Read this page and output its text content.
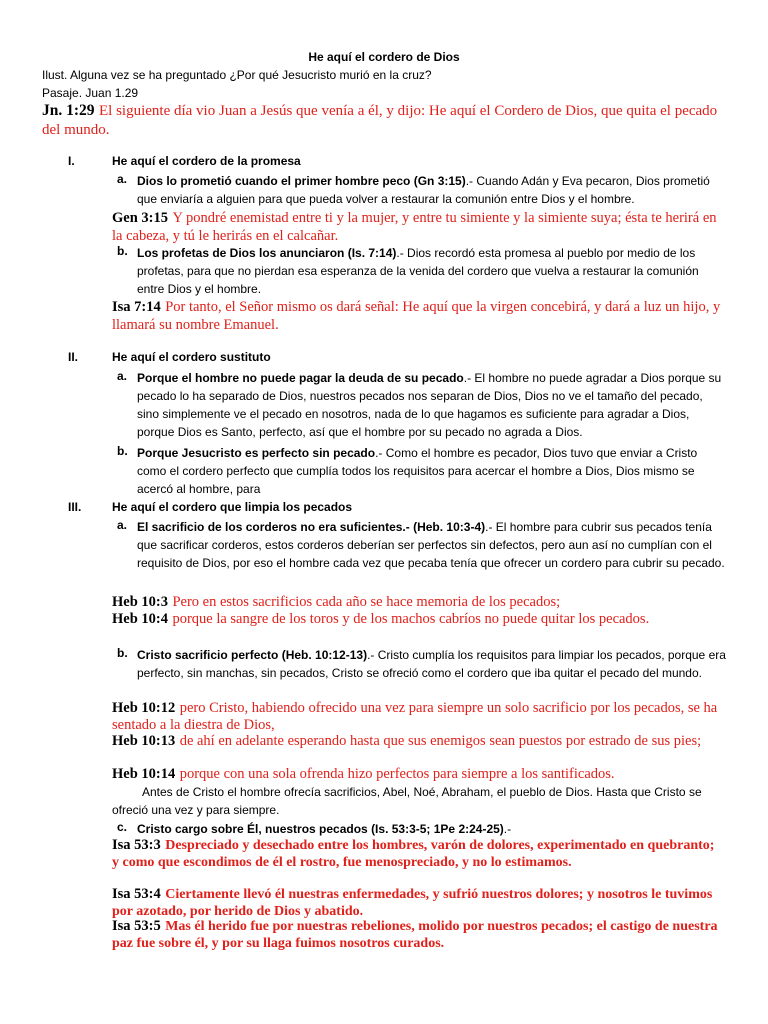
He aquí el cordero de Dios
Ilust. Alguna vez se ha preguntado ¿Por qué Jesucristo murió en la cruz?
Pasaje. Juan 1.29
Jn. 1:29 El siguiente día vio Juan a Jesús que venía a él, y dijo: He aquí el Cordero de Dios, que quita el pecado del mundo.
I.	He aquí el cordero de la promesa
a. Dios lo prometió cuando el primer hombre peco (Gn 3:15).- Cuando Adán y Eva pecaron, Dios prometió que enviaría a alguien para que pueda volver a restaurar la comunión entre Dios y el hombre.
Gen 3:15 Y pondré enemistad entre ti y la mujer, y entre tu simiente y la simiente suya; ésta te herirá en la cabeza, y tú le herirás en el calcañar.
b. Los profetas de Dios los anunciaron (Is. 7:14).- Dios recordó esta promesa al pueblo por medio de los profetas, para que no pierdan esa esperanza de la venida del cordero que vuelva a restaurar la comunión entre Dios y el hombre.
Isa 7:14 Por tanto, el Señor mismo os dará señal: He aquí que la virgen concebirá, y dará a luz un hijo, y llamará su nombre Emanuel.
II.	He aquí el cordero sustituto
a. Porque el hombre no puede pagar la deuda de su pecado.- El hombre no puede agradar a Dios porque su pecado lo ha separado de Dios, nuestros pecados nos separan de Dios, Dios no ve el tamaño del pecado, sino simplemente ve el pecado en nosotros, nada de lo que hagamos es suficiente para agradar a Dios, porque Dios es Santo, perfecto, así que el hombre por su pecado no agrada a Dios.
b. Porque Jesucristo es perfecto sin pecado.- Como el hombre es pecador, Dios tuvo que enviar a Cristo como el cordero perfecto que cumplía todos los requisitos para acercar el hombre a Dios, Dios mismo se acercó al hombre, para
III.	He aquí el cordero que limpia los pecados
a. El sacrificio de los corderos no era suficientes.- (Heb. 10:3-4).- El hombre para cubrir sus pecados tenía que sacrificar corderos, estos corderos deberían ser perfectos sin defectos, pero aun así no cumplían con el requisito de Dios, por eso el hombre cada vez que pecaba tenía que ofrecer un cordero para cubrir su pecado.
Heb 10:3 Pero en estos sacrificios cada año se hace memoria de los pecados;
Heb 10:4 porque la sangre de los toros y de los machos cabríos no puede quitar los pecados.
b. Cristo sacrificio perfecto (Heb. 10:12-13).- Cristo cumplía los requisitos para limpiar los pecados, porque era perfecto, sin manchas, sin pecados, Cristo se ofreció como el cordero que iba quitar el pecado del mundo.
Heb 10:12 pero Cristo, habiendo ofrecido una vez para siempre un solo sacrificio por los pecados, se ha sentado a la diestra de Dios,
Heb 10:13 de ahí en adelante esperando hasta que sus enemigos sean puestos por estrado de sus pies;
Heb 10:14 porque con una sola ofrenda hizo perfectos para siempre a los santificados.
Antes de Cristo el hombre ofrecía sacrificios, Abel, Noé, Abraham, el pueblo de Dios. Hasta que Cristo se ofreció una vez y para siempre.
c. Cristo cargo sobre Él, nuestros pecados (Is. 53:3-5; 1Pe 2:24-25).-
Isa 53:3 Despreciado y desechado entre los hombres, varón de dolores, experimentado en quebranto; y como que escondimos de él el rostro, fue menospreciado, y no lo estimamos.
Isa 53:4 Ciertamente llevó él nuestras enfermedades, y sufrió nuestros dolores; y nosotros le tuvimos por azotado, por herido de Dios y abatido.
Isa 53:5 Mas él herido fue por nuestras rebeliones, molido por nuestros pecados; el castigo de nuestra paz fue sobre él, y por su llaga fuimos nosotros curados.
